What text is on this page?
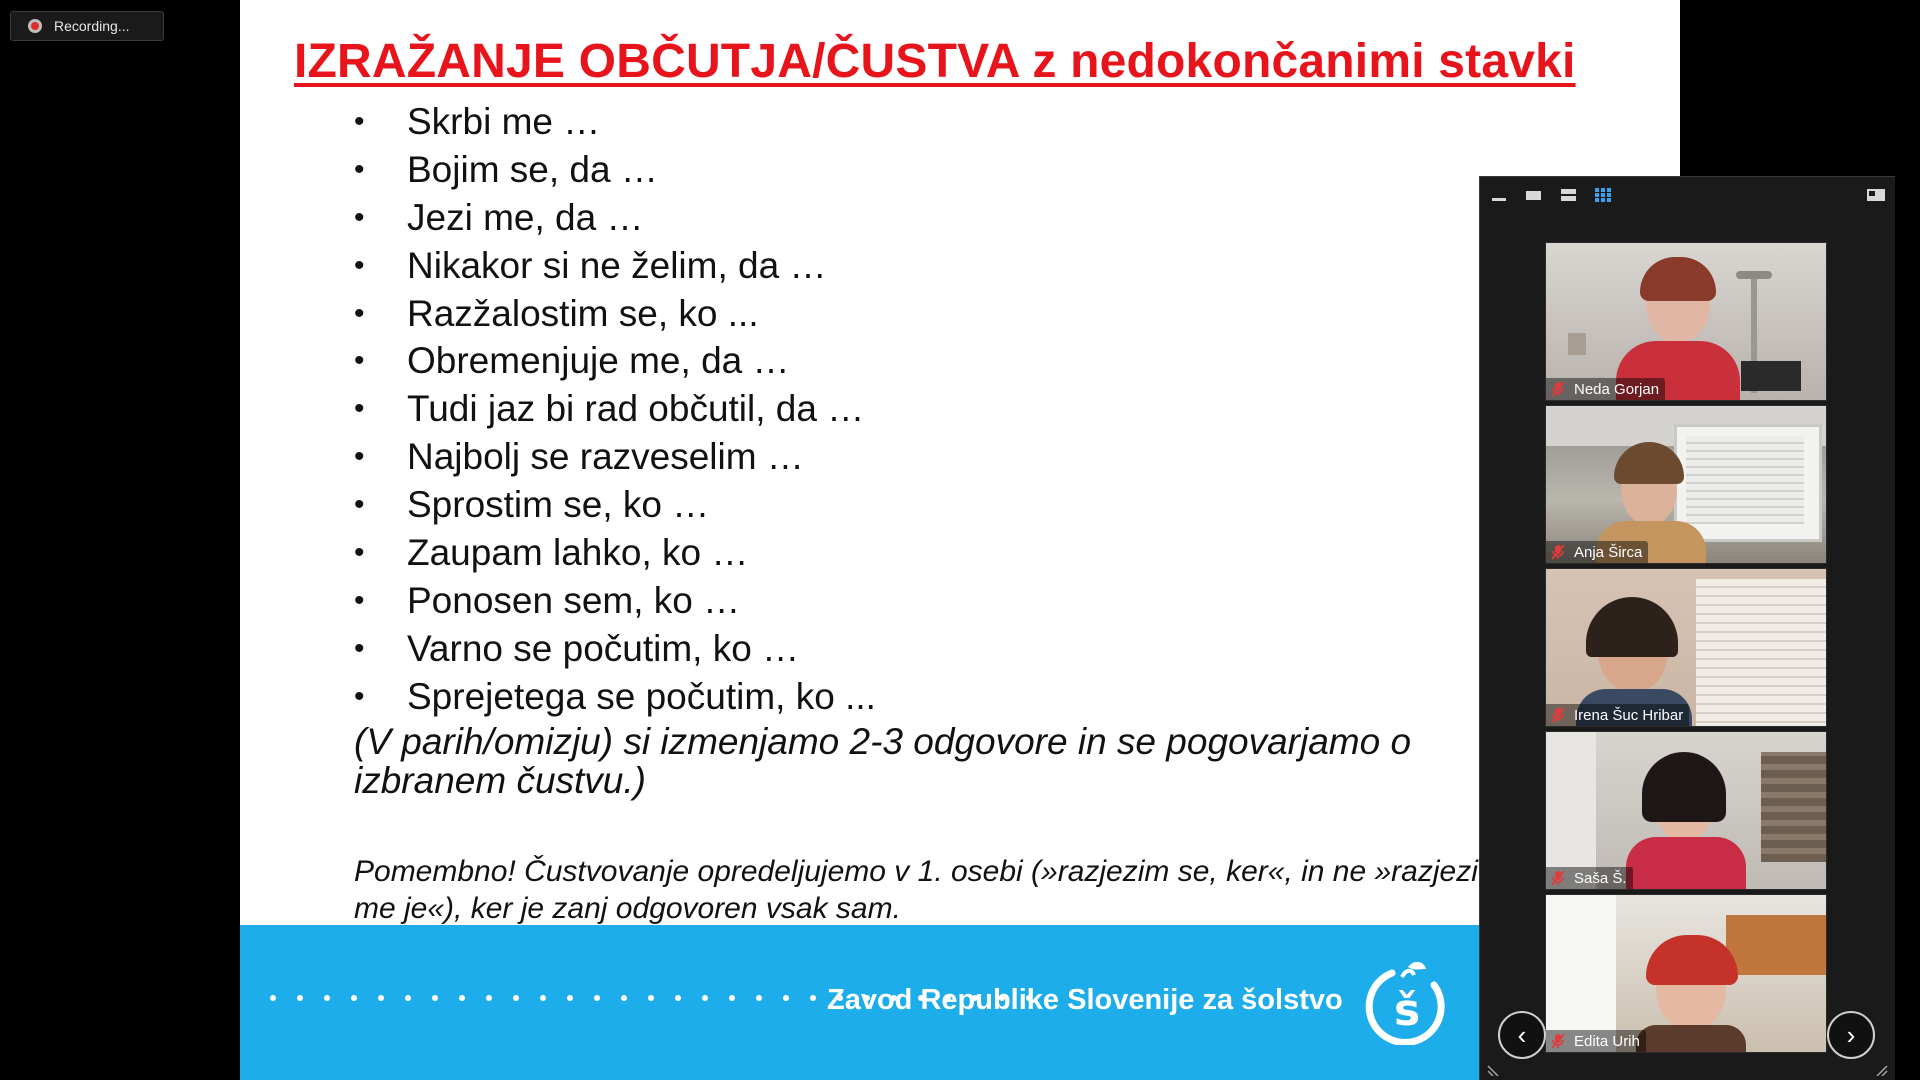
Recording...
IZRAŽANJE OBČUTJA/ČUSTVA z nedokončanimi stavki
• Skrbi me …
• Bojim se, da …
• Jezi me, da …
• Nikakor si ne želim, da …
• Razžalostim se, ko ...
• Obremenjuje me, da …
• Tudi jaz bi rad občutil, da …
• Najbolj se razveselim …
• Sprostim se, ko …
• Zaupam lahko, ko …
• Ponosen sem, ko …
• Varno se počutim, ko …
• Sprejetega se počutim, ko ...

(V parih/omizju) si izmenjamo 2-3 odgovore in se pogovarjamo o izbranem čustvu.)

Pomembno! Čustvovanje opredeljujemo v 1. osebi (»razjezim se, ker«, in ne »razjezi me je«), ker je zanj odgovoren vsak sam.

Zavod Republike Slovenije za šolstvo š
Neda Gorjan
Anja Širca
Irena Šuc Hribar
Saša Š.
Edita Urih
‹	›
